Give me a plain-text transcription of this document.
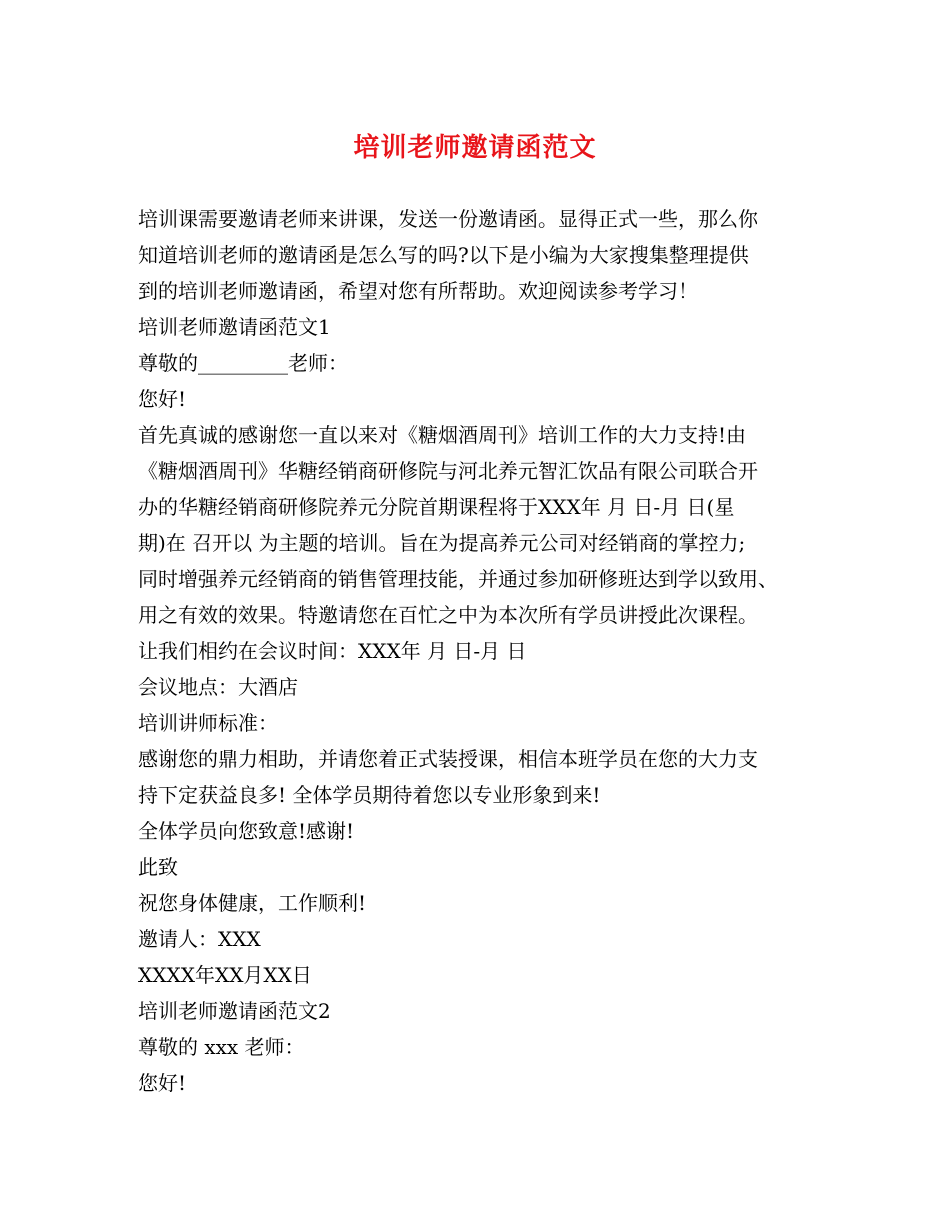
培训老师邀请函范文
培训课需要邀请老师来讲课，发送一份邀请函。显得正式一些，那么你
知道培训老师的邀请函是怎么写的吗?以下是小编为大家搜集整理提供
到的培训老师邀请函，希望对您有所帮助。欢迎阅读参考学习！
培训老师邀请函范文1
尊敬的_________老师：
您好!
首先真诚的感谢您一直以来对《糖烟酒周刊》培训工作的大力支持!由
《糖烟酒周刊》华糖经销商研修院与河北养元智汇饮品有限公司联合开
办的华糖经销商研修院养元分院首期课程将于XXX年 月 日-月 日(星
期)在 召开以 为主题的培训。旨在为提高养元公司对经销商的掌控力;
同时增强养元经销商的销售管理技能，并通过参加研修班达到学以致用、
用之有效的效果。特邀请您在百忙之中为本次所有学员讲授此次课程。
让我们相约在会议时间：XXX年 月 日-月 日
会议地点：大酒店
培训讲师标准：
感谢您的鼎力相助，并请您着正式装授课，相信本班学员在您的大力支
持下定获益良多! 全体学员期待着您以专业形象到来!
全体学员向您致意!感谢!
此致
祝您身体健康，工作顺利!
邀请人：XXX
XXXX年XX月XX日
培训老师邀请函范文2
尊敬的 xxx 老师：
您好!
